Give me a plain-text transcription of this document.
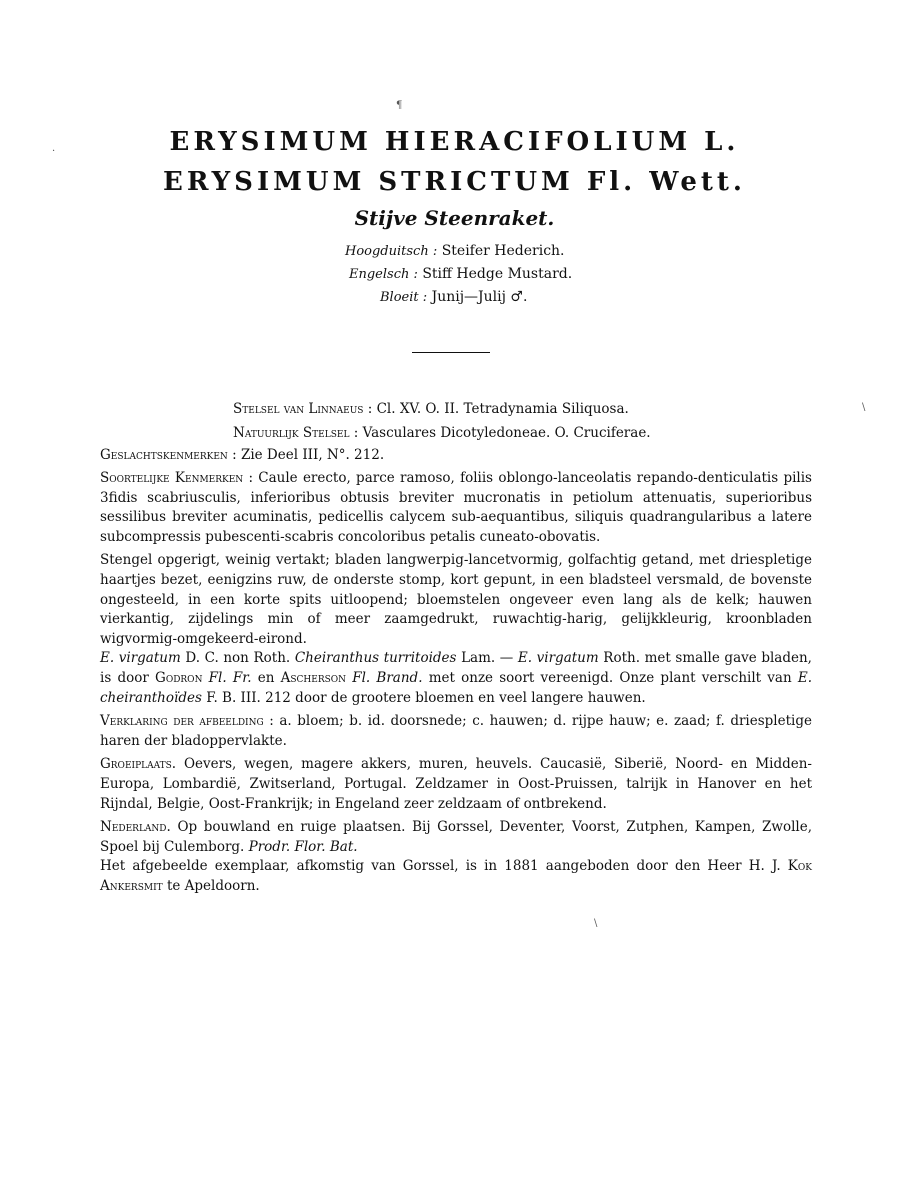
¶
\
\
·	ERYSIMUM HIERACIFOLIUM L.
ERYSIMUM STRICTUM Fl. Wett.
Stijve Steenraket.
Hoogduitsch : Steifer Hederich.
Engelsch : Stiff Hedge Mustard.
Bloeit : Junij—Julij ♂.
Stelsel van Linnaeus : Cl. XV. O. II. Tetradynamia Siliquosa.
Natuurlijk Stelsel : Vasculares Dicotyledoneae. O. Cruciferae.
Geslachtskenmerken : Zie Deel III, N°. 212.

Soortelijke Kenmerken : Caule erecto, parce ramoso, foliis oblongo-lanceolatis repando-denticulatis pilis 3fidis scabriusculis, inferioribus obtusis breviter mucronatis in petiolum attenuatis, superioribus sessilibus breviter acuminatis, pedicellis calycem sub-aequantibus, siliquis quadrangularibus a latere subcompressis pubescenti-scabris concoloribus petalis cuneato-obovatis.

Stengel opgerigt, weinig vertakt; bladen langwerpig-lancetvormig, golfachtig getand, met driespletige haartjes bezet, eenigzins ruw, de onderste stomp, kort gepunt, in een bladsteel versmald, de bovenste ongesteeld, in een korte spits uitloopend; bloemstelen ongeveer even lang als de kelk; hauwen vierkantig, zijdelings min of meer zaamgedrukt, ruwachtig-harig, gelijkkleurig, kroonbladen wigvormig-omgekeerd-eirond.
E. virgatum D. C. non Roth. Cheiranthus turritoides Lam. — E. virgatum Roth. met smalle gave bladen, is door Godron Fl. Fr. en Ascherson Fl. Brand. met onze soort vereenigd. Onze plant verschilt van E. cheiranthoïdes F. B. III. 212 door de grootere bloemen en veel langere hauwen.

Verklaring der afbeelding : a. bloem; b. id. doorsnede; c. hauwen; d. rijpe hauw; e. zaad; f. driespletige haren der bladoppervlakte.

Groeiplaats. Oevers, wegen, magere akkers, muren, heuvels. Caucasië, Siberië, Noord- en Midden-Europa, Lombardië, Zwitserland, Portugal. Zeldzamer in Oost-Pruissen, talrijk in Hanover en het Rijndal, Belgie, Oost-Frankrijk; in Engeland zeer zeldzaam of ontbrekend.

Nederland. Op bouwland en ruige plaatsen. Bij Gorssel, Deventer, Voorst, Zutphen, Kampen, Zwolle, Spoel bij Culemborg. Prodr. Flor. Bat.
Het afgebeelde exemplaar, afkomstig van Gorssel, is in 1881 aangeboden door den Heer H. J. Kok Ankersmit te Apeldoorn.
